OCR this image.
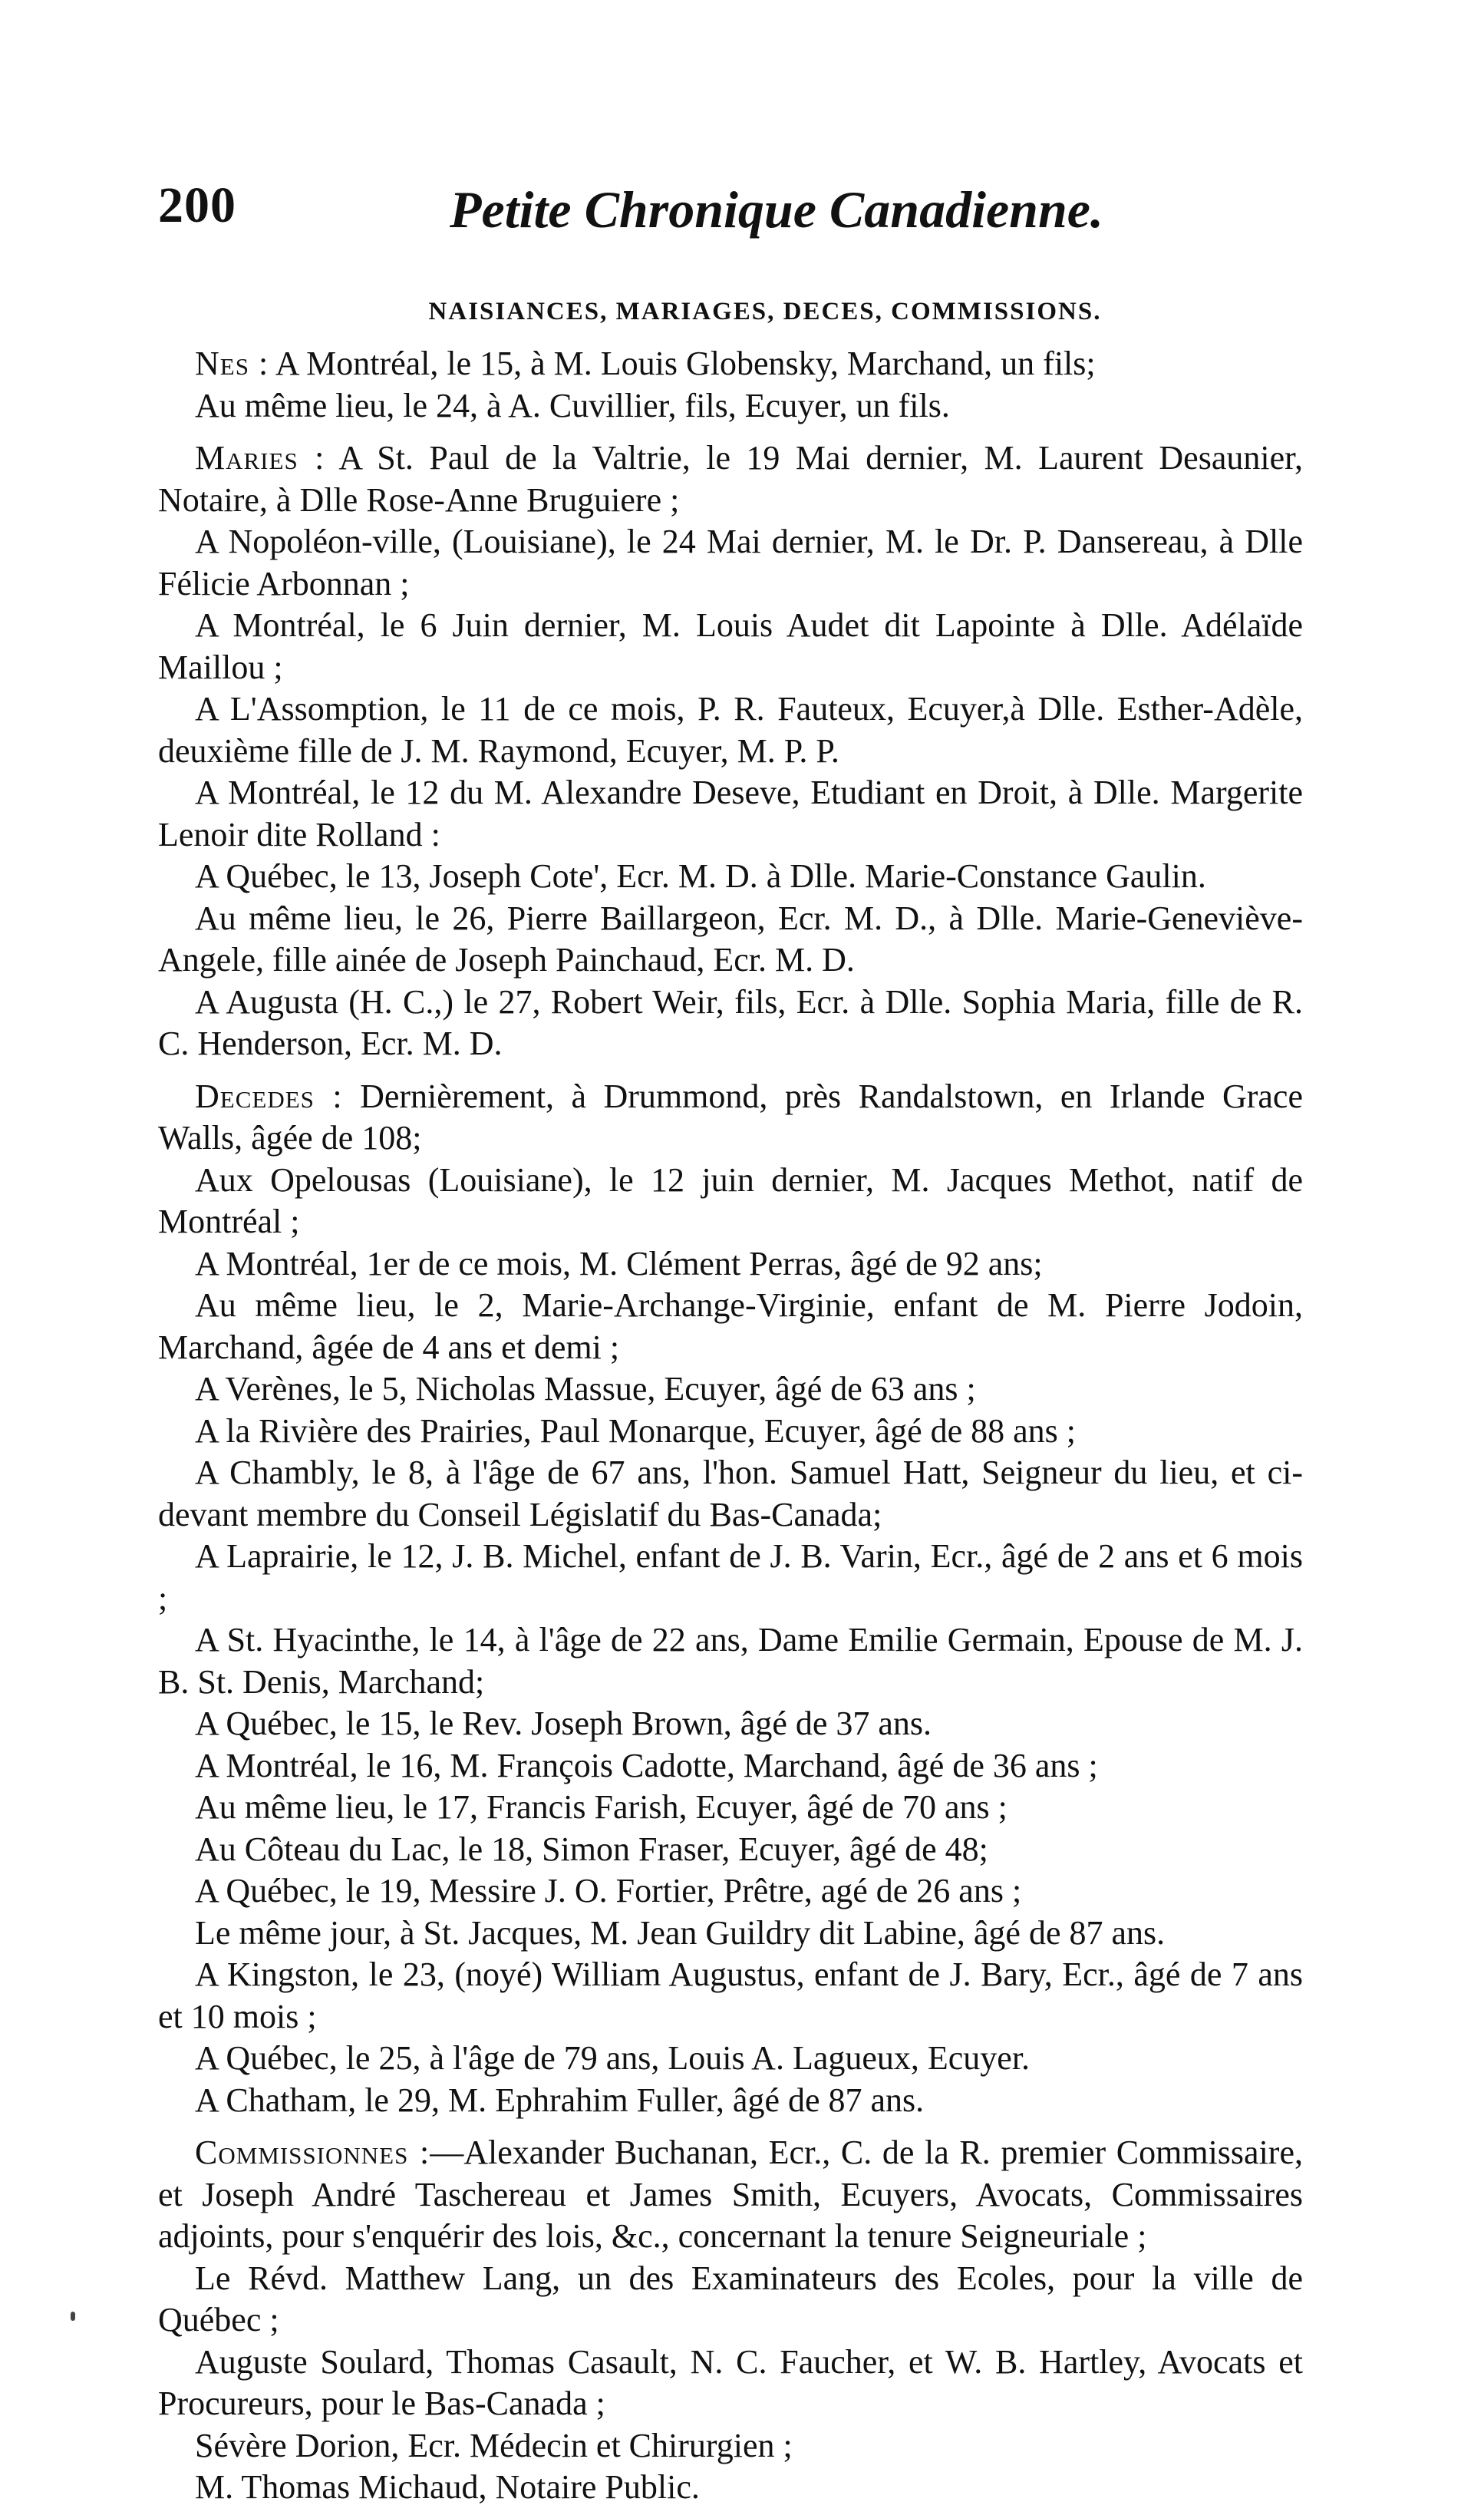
200	Petite Chronique Canadienne.
NAISIANCES, MARIAGES, DECES, COMMISSIONS.

Nes : A Montréal, le 15, à M. Louis Globensky, Marchand, un fils;

Au même lieu, le 24, à A. Cuvillier, fils, Ecuyer, un fils.

Maries : A St. Paul de la Valtrie, le 19 Mai dernier, M. Laurent Desaunier, Notaire, à Dlle Rose-Anne Bruguiere ;

A Nopoléon-ville, (Louisiane), le 24 Mai dernier, M. le Dr. P. Dansereau, à Dlle Félicie Arbonnan ;

A Montréal, le 6 Juin dernier, M. Louis Audet dit Lapointe à Dlle. Adélaïde Maillou ;

A L'Assomption, le 11 de ce mois, P. R. Fauteux, Ecuyer,à Dlle. Esther-Adèle, deuxième fille de J. M. Raymond, Ecuyer, M. P. P.

A Montréal, le 12 du M. Alexandre Deseve, Etudiant en Droit, à Dlle. Margerite Lenoir dite Rolland :

A Québec, le 13, Joseph Cote', Ecr. M. D. à Dlle. Marie-Constance Gaulin.

Au même lieu, le 26, Pierre Baillargeon, Ecr. M. D., à Dlle. Marie-Geneviève-Angele, fille ainée de Joseph Painchaud, Ecr. M. D.

A Augusta (H. C.,) le 27, Robert Weir, fils, Ecr. à Dlle. Sophia Maria, fille de R. C. Henderson, Ecr. M. D.

Decedes : Dernièrement, à Drummond, près Randalstown, en Irlande Grace Walls, âgée de 108;

Aux Opelousas (Louisiane), le 12 juin dernier, M. Jacques Methot, natif de Montréal ;

A Montréal, 1er de ce mois, M. Clément Perras, âgé de 92 ans;

Au même lieu, le 2, Marie-Archange-Virginie, enfant de M. Pierre Jodoin, Marchand, âgée de 4 ans et demi ;

A Verènes, le 5, Nicholas Massue, Ecuyer, âgé de 63 ans ;

A la Rivière des Prairies, Paul Monarque, Ecuyer, âgé de 88 ans ;

A Chambly, le 8, à l'âge de 67 ans, l'hon. Samuel Hatt, Seigneur du lieu, et ci-devant membre du Conseil Législatif du Bas-Canada;

A Laprairie, le 12, J. B. Michel, enfant de J. B. Varin, Ecr., âgé de 2 ans et 6 mois ;

A St. Hyacinthe, le 14, à l'âge de 22 ans, Dame Emilie Germain, Epouse de M. J. B. St. Denis, Marchand;

A Québec, le 15, le Rev. Joseph Brown, âgé de 37 ans.

A Montréal, le 16, M. François Cadotte, Marchand, âgé de 36 ans ;

Au même lieu, le 17, Francis Farish, Ecuyer, âgé de 70 ans ;

Au Côteau du Lac, le 18, Simon Fraser, Ecuyer, âgé de 48;

A Québec, le 19, Messire J. O. Fortier, Prêtre, agé de 26 ans ;

Le même jour, à St. Jacques, M. Jean Guildry dit Labine, âgé de 87 ans.

A Kingston, le 23, (noyé) William Augustus, enfant de J. Bary, Ecr., âgé de 7 ans et 10 mois ;

A Québec, le 25, à l'âge de 79 ans, Louis A. Lagueux, Ecuyer.

A Chatham, le 29, M. Ephrahim Fuller, âgé de 87 ans.

Commissionnes :—Alexander Buchanan, Ecr., C. de la R. premier Commissaire, et Joseph André Taschereau et James Smith, Ecuyers, Avocats, Commissaires adjoints, pour s'enquérir des lois, &c., concernant la tenure Seigneuriale ;

Le Révd. Matthew Lang, un des Examinateurs des Ecoles, pour la ville de Québec ;

Auguste Soulard, Thomas Casault, N. C. Faucher, et W. B. Hartley, Avocats et Procureurs, pour le Bas-Canada ;

Sévère Dorion, Ecr. Médecin et Chirurgien ;

M. Thomas Michaud, Notaire Public.
